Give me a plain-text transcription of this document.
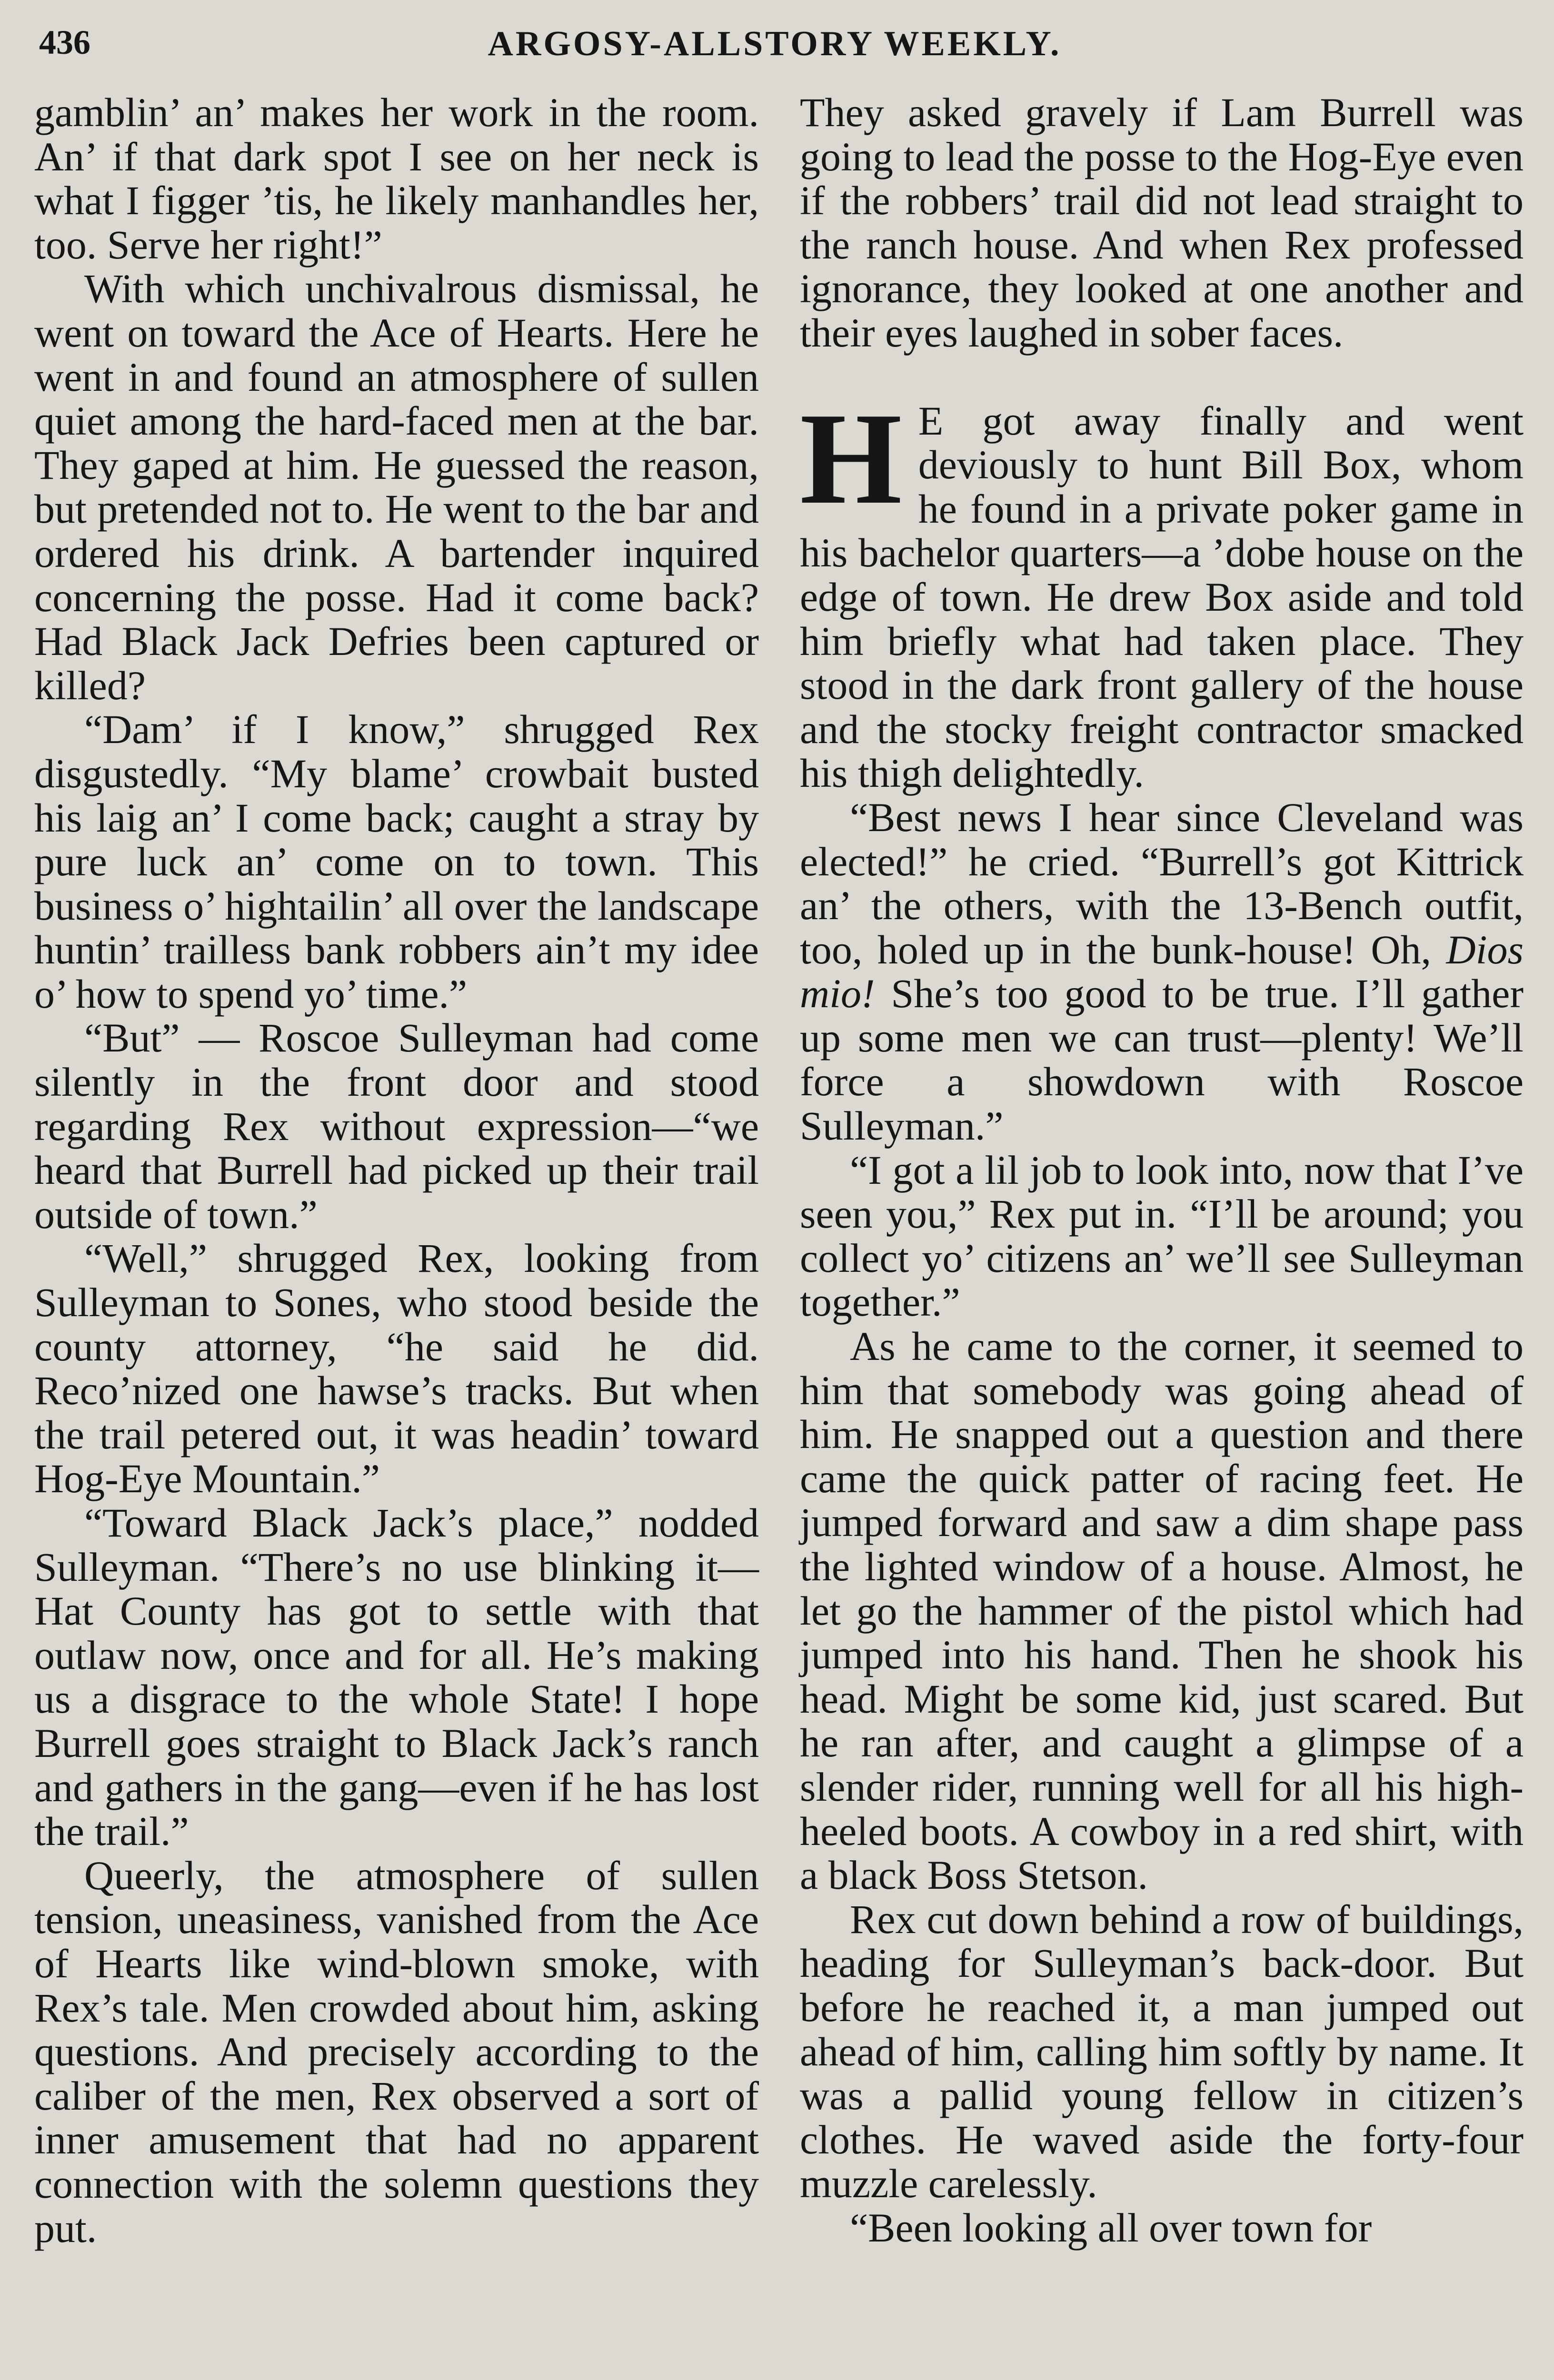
436	ARGOSY-ALLSTORY WEEKLY.

gamblin’ an’ makes her work in the room. An’ if that dark spot I see on her neck is what I figger ’tis, he likely manhandles her, too. Serve her right!”

With which unchivalrous dismissal, he went on toward the Ace of Hearts. Here he went in and found an atmosphere of sullen quiet among the hard-faced men at the bar. They gaped at him. He guessed the reason, but pretended not to. He went to the bar and ordered his drink. A bartender inquired concerning the posse. Had it come back? Had Black Jack Defries been captured or killed?

“Dam’ if I know,” shrugged Rex disgustedly. “My blame’ crowbait busted his laig an’ I come back; caught a stray by pure luck an’ come on to town. This business o’ hightailin’ all over the landscape huntin’ trailless bank robbers ain’t my idee o’ how to spend yo’ time.”

“But” — Roscoe Sulleyman had come silently in the front door and stood regarding Rex without expression—“we heard that Burrell had picked up their trail outside of town.”

“Well,” shrugged Rex, looking from Sulleyman to Sones, who stood beside the county attorney, “he said he did. Reco’nized one hawse’s tracks. But when the trail petered out, it was headin’ toward Hog-Eye Mountain.”

“Toward Black Jack’s place,” nodded Sulleyman. “There’s no use blinking it—Hat County has got to settle with that outlaw now, once and for all. He’s making us a disgrace to the whole State! I hope Burrell goes straight to Black Jack’s ranch and gathers in the gang—even if he has lost the trail.”

Queerly, the atmosphere of sullen tension, uneasiness, vanished from the Ace of Hearts like wind-blown smoke, with Rex’s tale. Men crowded about him, asking questions. And precisely according to the caliber of the men, Rex observed a sort of inner amusement that had no apparent connection with the solemn questions they put.

They asked gravely if Lam Burrell was going to lead the posse to the Hog-Eye even if the robbers’ trail did not lead straight to the ranch house. And when Rex professed ignorance, they looked at one another and their eyes laughed in sober faces.

H E got away finally and went deviously to hunt Bill Box, whom he found in a private poker game in his bachelor quarters—a ’dobe house on the edge of town. He drew Box aside and told him briefly what had taken place. They stood in the dark front gallery of the house and the stocky freight contractor smacked his thigh delightedly.

“Best news I hear since Cleveland was elected!” he cried. “Burrell’s got Kittrick an’ the others, with the 13-Bench outfit, too, holed up in the bunk-house! Oh, Dios mio! She’s too good to be true. I’ll gather up some men we can trust—plenty! We’ll force a showdown with Roscoe Sulleyman.”

“I got a lil job to look into, now that I’ve seen you,” Rex put in. “I’ll be around; you collect yo’ citizens an’ we’ll see Sulleyman together.”

As he came to the corner, it seemed to him that somebody was going ahead of him. He snapped out a question and there came the quick patter of racing feet. He jumped forward and saw a dim shape pass the lighted window of a house. Almost, he let go the hammer of the pistol which had jumped into his hand. Then he shook his head. Might be some kid, just scared. But he ran after, and caught a glimpse of a slender rider, running well for all his high-heeled boots. A cowboy in a red shirt, with a black Boss Stetson.

Rex cut down behind a row of buildings, heading for Sulleyman’s back-door. But before he reached it, a man jumped out ahead of him, calling him softly by name. It was a pallid young fellow in citizen’s clothes. He waved aside the forty-four muzzle carelessly.

“Been looking all over town for
